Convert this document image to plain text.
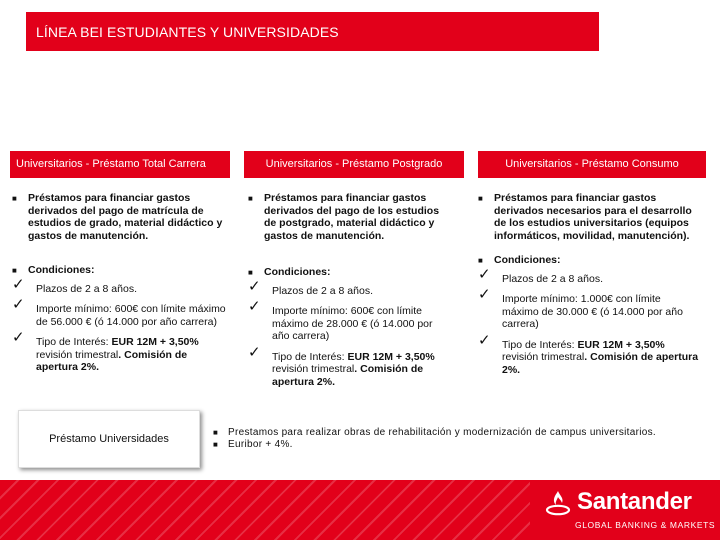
LÍNEA BEI ESTUDIANTES Y UNIVERSIDADES
Universitarios - Préstamo Total Carrera	Universitarios - Préstamo Postgrado	Universitarios - Préstamo Consumo
■ Préstamos para financiar gastos derivados del pago de matrícula de estudios de grado, material didáctico y gastos de manutención.
■ Condiciones:
✓ Plazos de 2 a 8 años.
✓ Importe mínimo: 600€ con límite máximo de 56.000 € (ó 14.000 por año carrera)
✓ Tipo de Interés: EUR 12M + 3,50% revisión trimestral. Comisión de apertura 2%.
■ Préstamos para financiar gastos derivados del pago de los estudios de postgrado, material didáctico y gastos de manutención.
■ Condiciones:
✓ Plazos de 2 a 8 años.
✓ Importe mínimo: 600€ con límite máximo de 28.000 € (ó 14.000 por año carrera)
✓ Tipo de Interés: EUR 12M + 3,50% revisión trimestral. Comisión de apertura 2%.
■ Préstamos para financiar gastos derivados necesarios para el desarrollo de los estudios universitarios (equipos informáticos, movilidad, manutención).
■ Condiciones:
✓ Plazos de 2 a 8 años.
✓ Importe mínimo: 1.000€ con límite máximo de 30.000 € (ó 14.000 por año carrera)
✓ Tipo de Interés: EUR 12M + 3,50% revisión trimestral. Comisión de apertura 2%.
Préstamo Universidades
■ Prestamos para realizar obras de rehabilitación y modernización de campus universitarios.
■ Euribor + 4%.
Santander
GLOBAL BANKING & MARKETS
